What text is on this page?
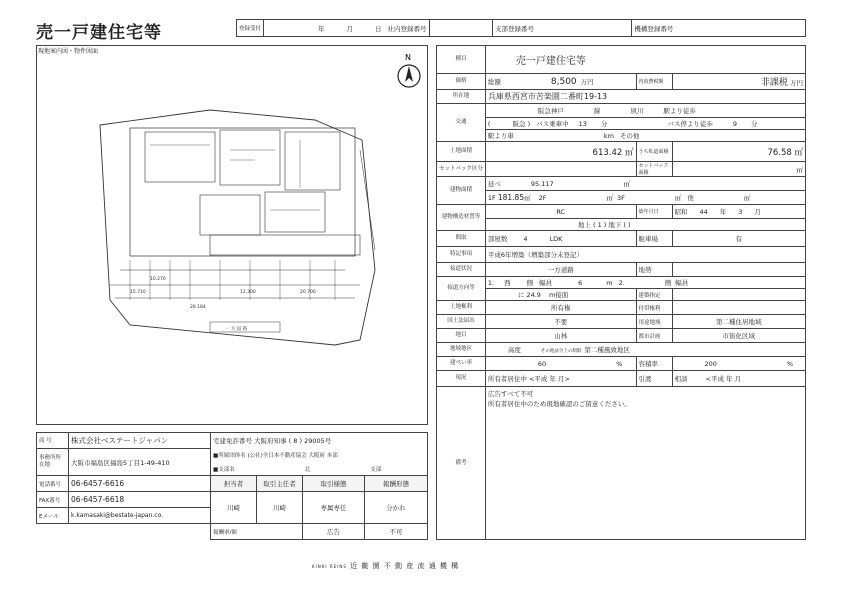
売一戸建住宅等	登録受付	年	月	日 社内登録番号		支部登録番号	機構登録番号
現地案内図・物件図面
N
28.184
12.300
15.710	20.700
10.270
一 方 道 路
商 号	株式会社ベステートジャパン	宅建免許番号 大阪府知事 ( 8 ) 29005号			
事務所所在地	大阪市福島区福島5丁目1-49-410	■所属団体名 (公社)全日本不動産協会 大阪府 本部			
		■支部名 北 支部			
電話番号	06-6457-6616	担当者	取引主任者	取引様態	報酬形態
FAX番号	06-6457-6618	川崎	川崎	専属専任	分かれ
Eメール	k.kamasaki@bestate-japan.co.				
		報酬率/額		広告	不可
KINKI REINS 近 畿 圏 不 動 産 流 通 機 構
種目	売一戸建住宅等		
価格	総額 8,500 万円	内消費税額	非課税 万円
所在地	兵庫県西宮市苦楽園二番町19-13		
交通	阪急神戸 線 夙川 駅より徒歩		
	( 阪急 ) バス乗車中 13 分 バス停より徒歩 9 分		
	駅より車 km その他		
土地面積	613.42 ㎡	うち私道面積	76.58 ㎡
セットバック区分		セットバック面積	㎡
建物面積	延べ 95.117 ㎡		
	1F 181.85㎡ 2F ㎡ 3F ㎡ 他 ㎡		
建物構造材質等	RC	築年月日	昭和 44 年 3 月
	地上 ( 1 ) 地下 ( )		
間取	部屋数 4 LDK	駐車場	有
特記事項	平成6年増築（増築部分未登記）		
接道状況	一方道路	地勢	
接道方向等	1. 西 側 幅員 6 m 2. 側 幅員		
	に 24.9 m接面	建築指定	
土地権利	所有権	付帯権利	
国土法届出	不要	用途地域	第二種住居地域
地目	山林	都市計画	市街化区域
地域地区	高度 その他法令上の制限 第二種風致地区		
建ぺい率	60 %	容積率	200 %
現況	所有者居住中 <平成 年 月>	引渡	相談 <平成 年 月
備考	広告すべて不可
所有者居住中のため現地確認のご留意ください。		
